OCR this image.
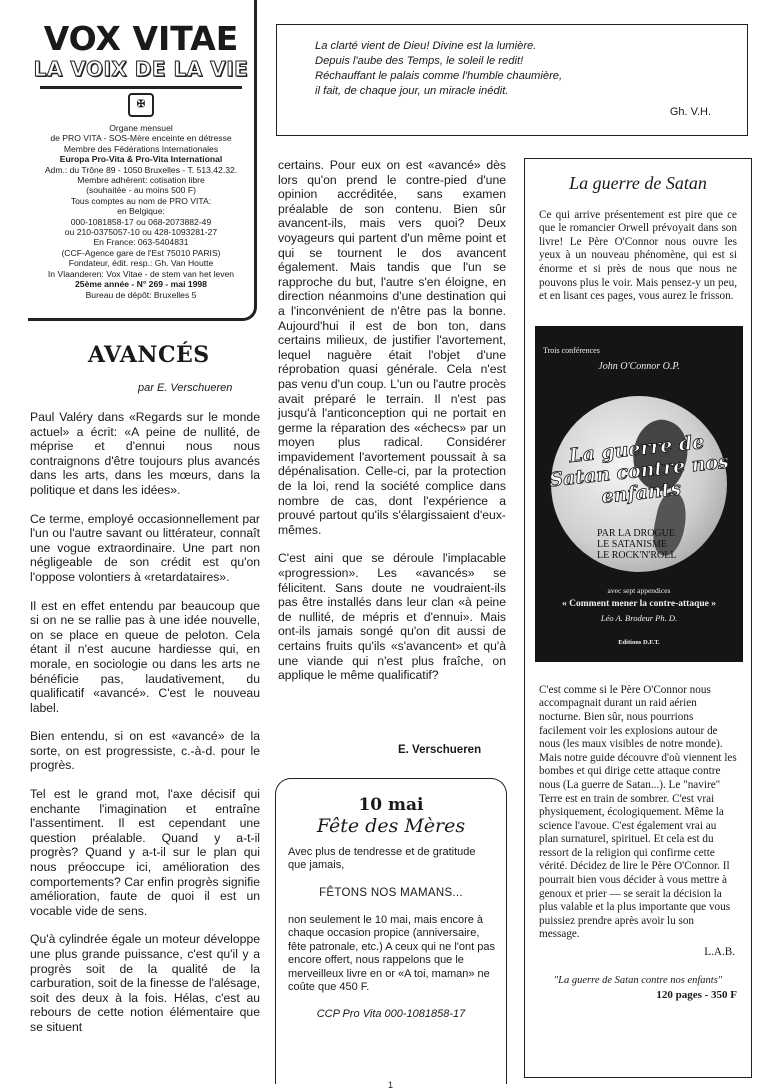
VOX VITAE
LA VOIX DE LA VIE
✠
Organe mensuel
de PRO VITA - SOS-Mère enceinte en détresse
Membre des Fédérations Internationales
Europa Pro-Vita & Pro-Vita International
Adm.: du Trône 89 - 1050 Bruxelles - T. 513.42.32.
Membre adhérent: cotisation libre
(souhaitée - au moins 500 F)
Tous comptes au nom de PRO VITA:
en Belgique:
000-1081858-17 ou 068-2073882-49
ou 210-0375057-10 ou 428-1093281-27
En France: 063-5404831
(CCF-Agence gare de l'Est 75010 PARIS)
Fondateur, édit. resp.: Gh. Van Houtte
In Vlaanderen: Vox Vitae - de stem van het leven
25ème année - N° 269 - mai 1998
Bureau de dépôt: Bruxelles 5
La clarté vient de Dieu! Divine est la lumière.
Depuis l'aube des Temps, le soleil le redit!
Réchauffant le palais comme l'humble chaumière,
il fait, de chaque jour, un miracle inédit.
Gh. V.H.
AVANCÉS
par E. Verschueren

Paul Valéry dans «Regards sur le monde actuel» a écrit: «A peine de nullité, de méprise et d'ennui nous nous contraignons d'être toujours plus avancés dans les arts, dans les mœurs, dans la politique et dans les idées».

Ce terme, employé occasionnellement par l'un ou l'autre savant ou littérateur, connaît une vogue extraordinaire. Une part non négligeable de son crédit est qu'on l'oppose volontiers à «retardataires».

Il est en effet entendu par beaucoup que si on ne se rallie pas à une idée nouvelle, on se place en queue de peloton. Cela étant il n'est aucune hardiesse qui, en morale, en sociologie ou dans les arts ne bénéficie pas, laudativement, du qualificatif «avancé». C'est le nouveau label.

Bien entendu, si on est «avancé» de la sorte, on est progressiste, c.-à-d. pour le progrès.

Tel est le grand mot, l'axe décisif qui enchante l'imagination et entraîne l'assentiment. Il est cependant une question préalable. Quand y a-t-il progrès? Quand y a-t-il sur le plan qui nous préoccupe ici, amélioration des comportements? Car enfin progrès signifie amélioration, faute de quoi il est un vocable vide de sens.

Qu'à cylindrée égale un moteur développe une plus grande puissance, c'est qu'il y a progrès soit de la qualité de la carburation, soit de la finesse de l'alésage, soit des deux à la fois. Hélas, c'est au rebours de cette notion élémentaire que se situent

certains. Pour eux on est «avancé» dès lors qu'on prend le contre-pied d'une opinion accréditée, sans examen préalable de son contenu. Bien sûr avancent-ils, mais vers quoi? Deux voyageurs qui partent d'un même point et qui se tournent le dos avancent également. Mais tandis que l'un se rapproche du but, l'autre s'en éloigne, en direction néanmoins d'une destination qui a l'inconvénient de n'être pas la bonne. Aujourd'hui il est de bon ton, dans certains milieux, de justifier l'avortement, lequel naguère était l'objet d'une réprobation quasi générale. Cela n'est pas venu d'un coup. L'un ou l'autre procès avait préparé le terrain. Il n'est pas jusqu'à l'anticonception qui ne portait en germe la réparation des «échecs» par un moyen plus radical. Considérer impavidement l'avortement poussait à sa dépénalisation. Celle-ci, par la protection de la loi, rend la société complice dans nombre de cas, dont l'expérience a prouvé partout qu'ils s'élargissaient d'eux-mêmes.

C'est aini que se déroule l'implacable «progression». Les «avancés» se félicitent. Sans doute ne voudraient-ils pas être installés dans leur clan «à peine de nullité, de mépris et d'ennui». Mais ont-ils jamais songé qu'on dit aussi de certains fruits qu'ils «s'avancent» et qu'à une viande qui n'est plus fraîche, on applique le même qualificatif?

E. Verschueren
10 mai
Fête des Mères
Avec plus de tendresse et de gratitude que jamais,
FÊTONS NOS MAMANS...
non seulement le 10 mai, mais encore à chaque occasion propice (anniversaire, fête patronale, etc.) A ceux qui ne l'ont pas encore offert, nous rappelons que le merveilleux livre en or «A toi, maman» ne coûte que 450 F.
CCP Pro Vita 000-1081858-17
La guerre de Satan
Ce qui arrive présentement est pire que ce que le romancier Orwell prévoyait dans son livre! Le Père O'Connor nous ouvre les yeux à un nouveau phénomène, qui est si énorme et si près de nous que nous ne pouvons plus le voir. Mais pensez-y un peu, et en lisant ces pages, vous aurez le frisson.
Trois conférences
John O'Connor O.P.
La guerre de Satan contre nos enfants
PAR LA DROGUE
LE SATANISME
LE ROCK'N'ROLL
avec sept appendices
« Comment mener la contre-attaque »
Léo A. Brodeur Ph. D.
Editions D.F.T.
C'est comme si le Père O'Connor nous accompagnait durant un raid aérien nocturne. Bien sûr, nous pourrions facilement voir les explosions autour de nous (les maux visibles de notre monde). Mais notre guide découvre d'où viennent les bombes et qui dirige cette attaque contre nous (La guerre de Satan...). Le "navire" Terre est en train de sombrer. C'est vrai physiquement, écologiquement. Même la science l'avoue. C'est également vrai au plan surnaturel, spirituel. Et cela est du ressort de la religion qui confirme cette vérité. Décidez de lire le Père O'Connor. Il pourrait bien vous décider à vous mettre à genoux et prier — se serait la décision la plus valable et la plus importante que vous puissiez prendre après avoir lu son message.
L.A.B.
"La guerre de Satan contre nos enfants"
120 pages - 350 F
1
